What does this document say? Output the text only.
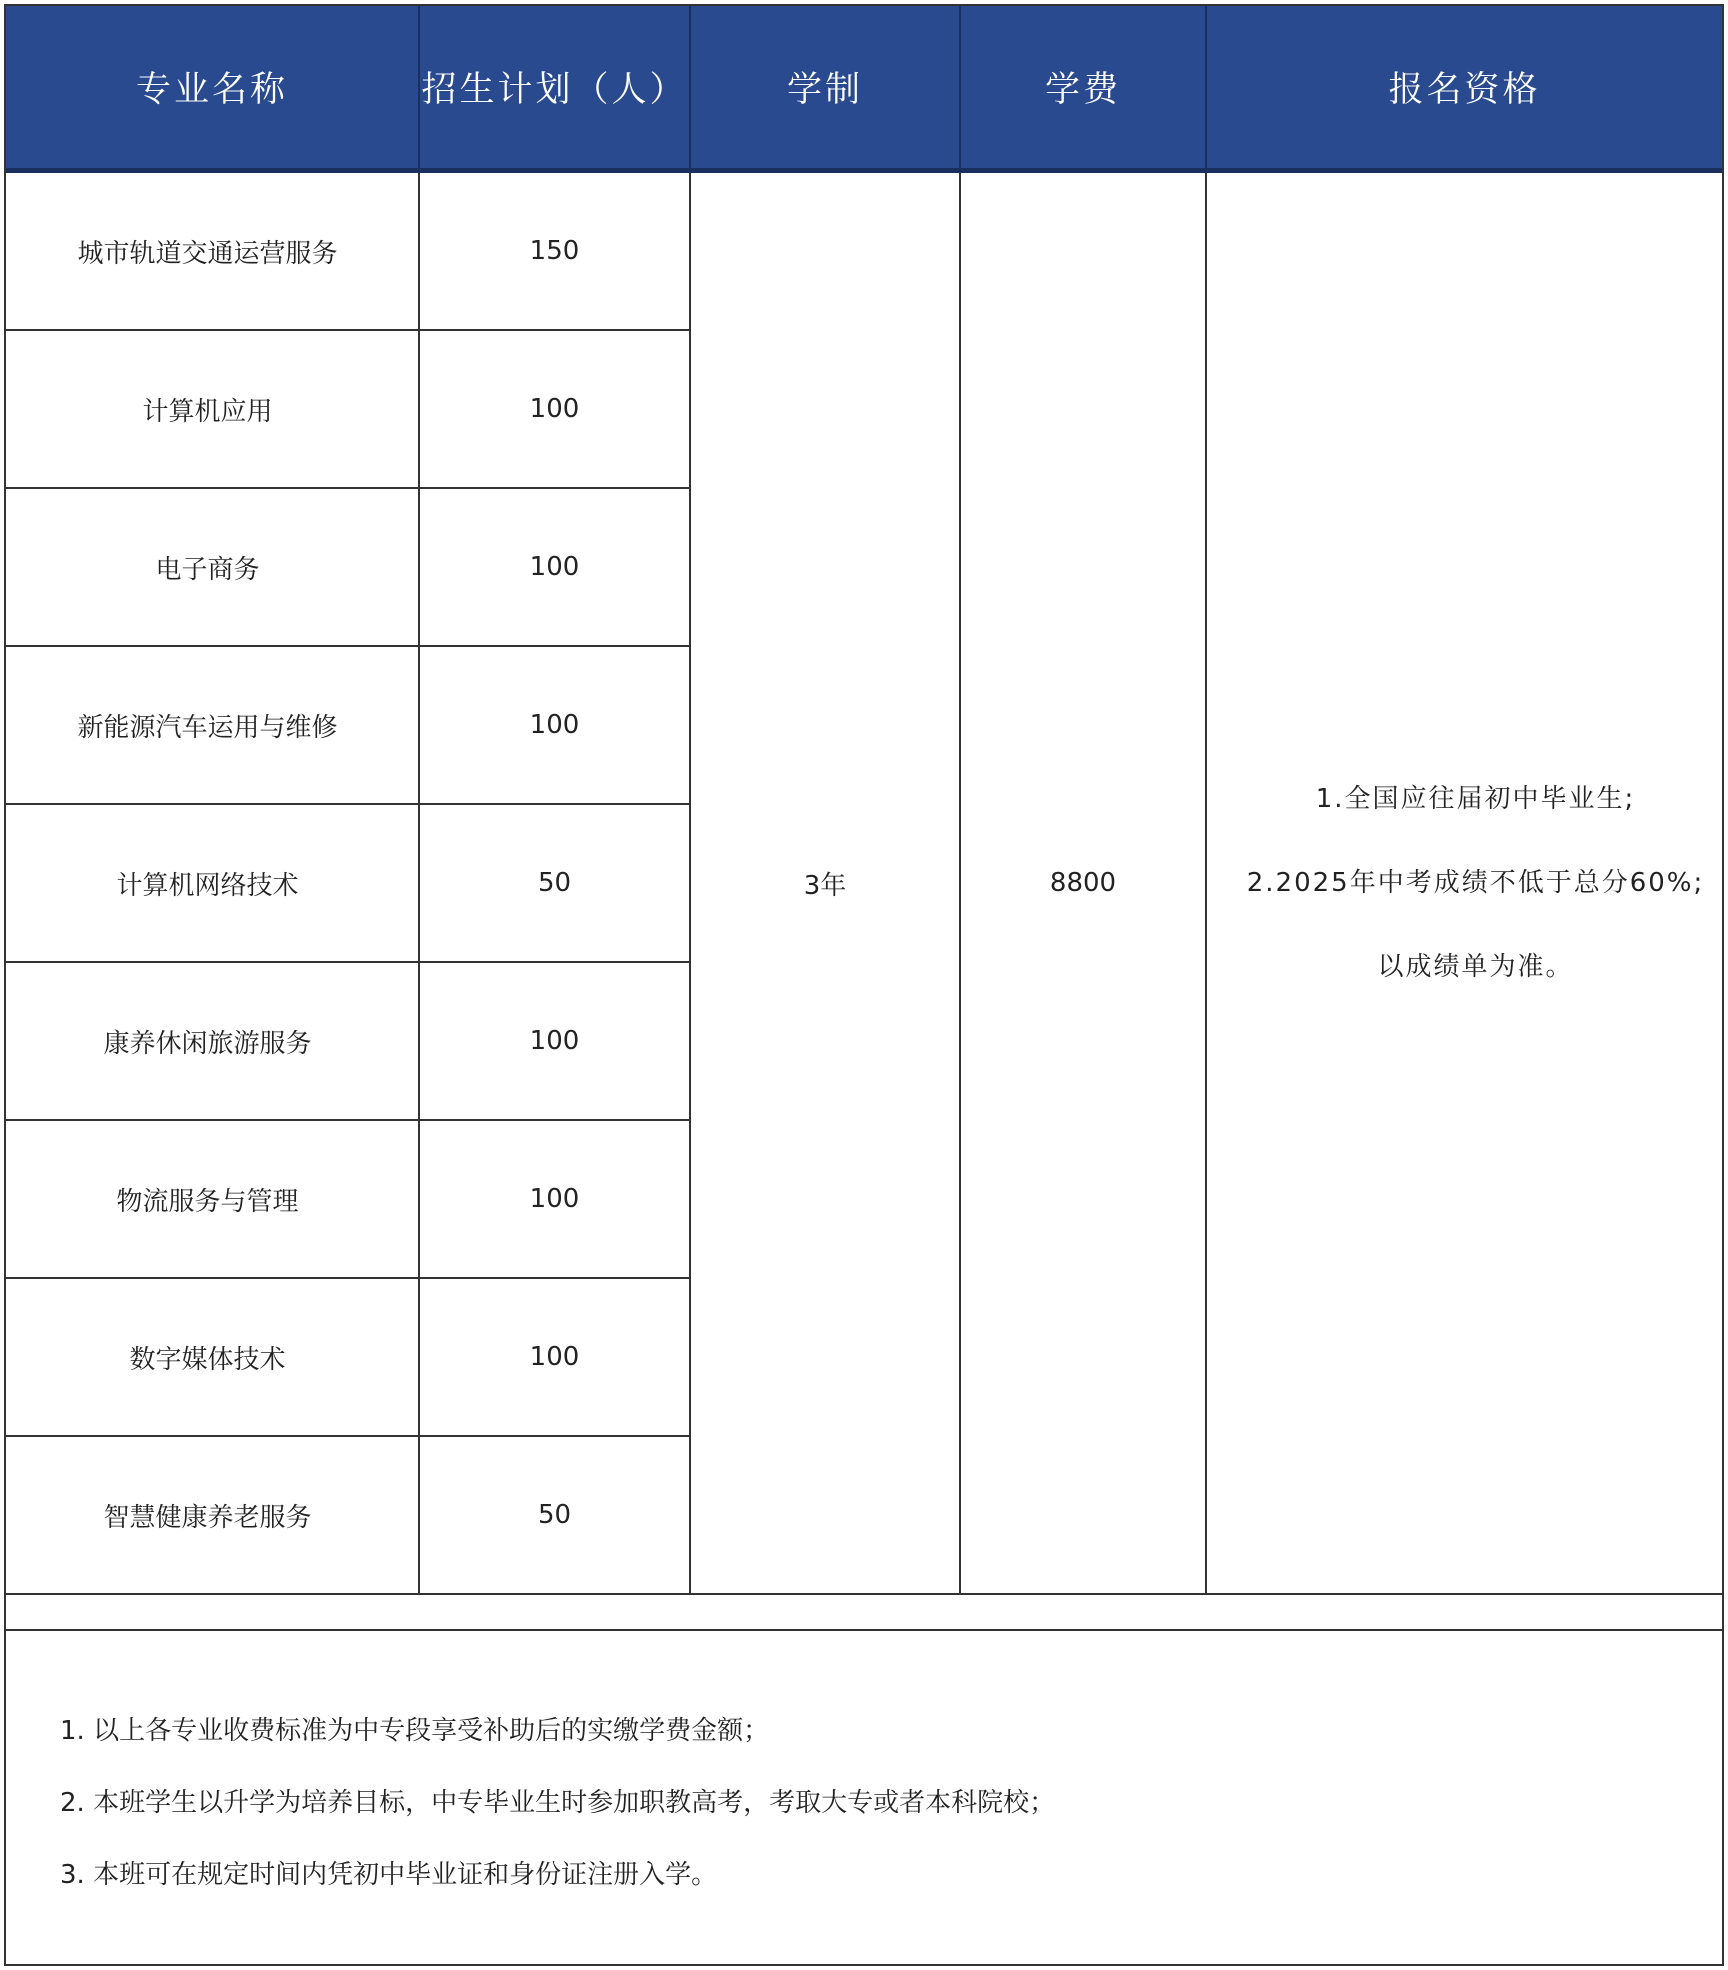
专业名称	招生计划（人）	学制	学费	报名资格
城市轨道交通运营服务	150	3年	8800	1.全国应往届初中毕业生;
2.2025年中考成绩不低于总分60%;
以成绩单为准。

计算机应用	100			
电子商务	100			
新能源汽车运用与维修	100			
计算机网络技术	50			
康养休闲旅游服务	100			
物流服务与管理	100			
数字媒体技术	100			
智慧健康养老服务	50			
1. 以上各专业收费标准为中专段享受补助后的实缴学费金额；
2. 本班学生以升学为培养目标，中专毕业生时参加职教高考，考取大专或者本科院校；
3. 本班可在规定时间内凭初中毕业证和身份证注册入学。
